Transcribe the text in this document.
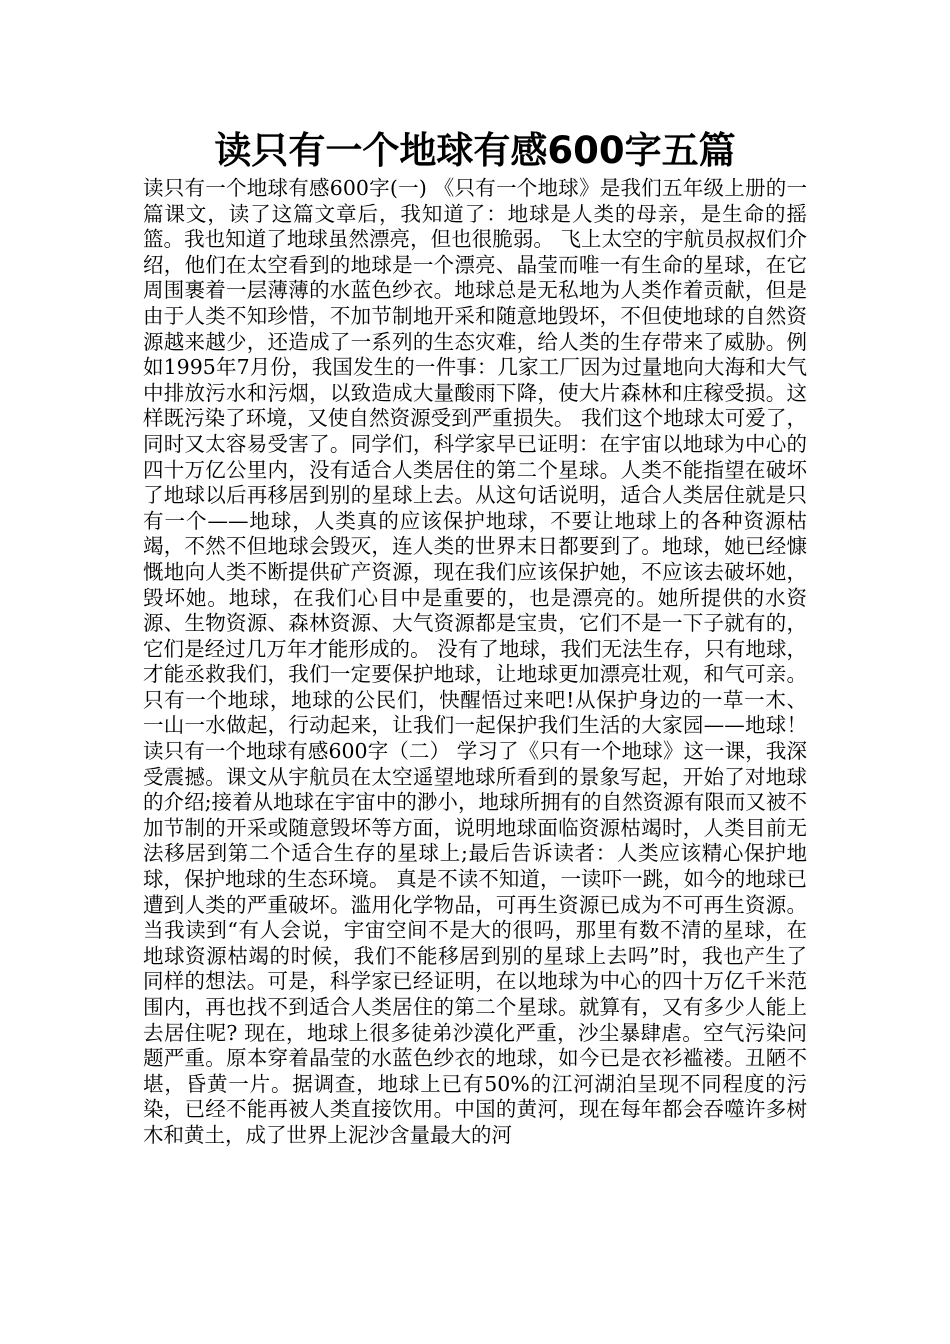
读只有一个地球有感600字五篇

读只有一个地球有感600字(一) 《只有一个地球》是我们五年级上册的一篇课文，读了这篇文章后，我知道了：地球是人类的母亲，是生命的摇篮。我也知道了地球虽然漂亮，但也很脆弱。 飞上太空的宇航员叔叔们介绍，他们在太空看到的地球是一个漂亮、晶莹而唯一有生命的星球，在它周围裹着一层薄薄的水蓝色纱衣。地球总是无私地为人类作着贡献，但是由于人类不知珍惜，不加节制地开采和随意地毁坏，不但使地球的自然资源越来越少，还造成了一系列的生态灾难，给人类的生存带来了威胁。例如1995年7月份，我国发生的一件事：几家工厂因为过量地向大海和大气中排放污水和污烟，以致造成大量酸雨下降，使大片森林和庄稼受损。这样既污染了环境，又使自然资源受到严重损失。 我们这个地球太可爱了，同时又太容易受害了。同学们，科学家早已证明：在宇宙以地球为中心的四十万亿公里内，没有适合人类居住的第二个星球。人类不能指望在破坏了地球以后再移居到别的星球上去。从这句话说明，适合人类居住就是只有一个——地球，人类真的应该保护地球，不要让地球上的各种资源枯竭，不然不但地球会毁灭，连人类的世界末日都要到了。地球，她已经慷慨地向人类不断提供矿产资源，现在我们应该保护她，不应该去破坏她，毁坏她。地球，在我们心目中是重要的，也是漂亮的。她所提供的水资源、生物资源、森林资源、大气资源都是宝贵，它们不是一下子就有的，它们是经过几万年才能形成的。 没有了地球，我们无法生存，只有地球，才能丞救我们，我们一定要保护地球，让地球更加漂亮壮观，和气可亲。 只有一个地球，地球的公民们，快醒悟过来吧!从保护身边的一草一木、一山一水做起，行动起来，让我们一起保护我们生活的大家园——地球！ 读只有一个地球有感600字（二） 学习了《只有一个地球》这一课，我深受震撼。课文从宇航员在太空遥望地球所看到的景象写起，开始了对地球的介绍;接着从地球在宇宙中的渺小，地球所拥有的自然资源有限而又被不加节制的开采或随意毁坏等方面，说明地球面临资源枯竭时，人类目前无法移居到第二个适合生存的星球上;最后告诉读者：人类应该精心保护地球，保护地球的生态环境。 真是不读不知道，一读吓一跳，如今的地球已遭到人类的严重破坏。滥用化学物品，可再生资源已成为不可再生资源。 当我读到“有人会说，宇宙空间不是大的很吗，那里有数不清的星球，在地球资源枯竭的时候，我们不能移居到别的星球上去吗”时，我也产生了同样的想法。可是，科学家已经证明，在以地球为中心的四十万亿千米范围内，再也找不到适合人类居住的第二个星球。就算有，又有多少人能上去居住呢? 现在，地球上很多徒弟沙漠化严重，沙尘暴肆虐。空气污染问题严重。原本穿着晶莹的水蓝色纱衣的地球，如今已是衣衫褴褛。丑陋不堪，昏黄一片。据调查，地球上已有50%的江河湖泊呈现不同程度的污染，已经不能再被人类直接饮用。中国的黄河，现在每年都会吞噬许多树木和黄土，成了世界上泥沙含量最大的河
